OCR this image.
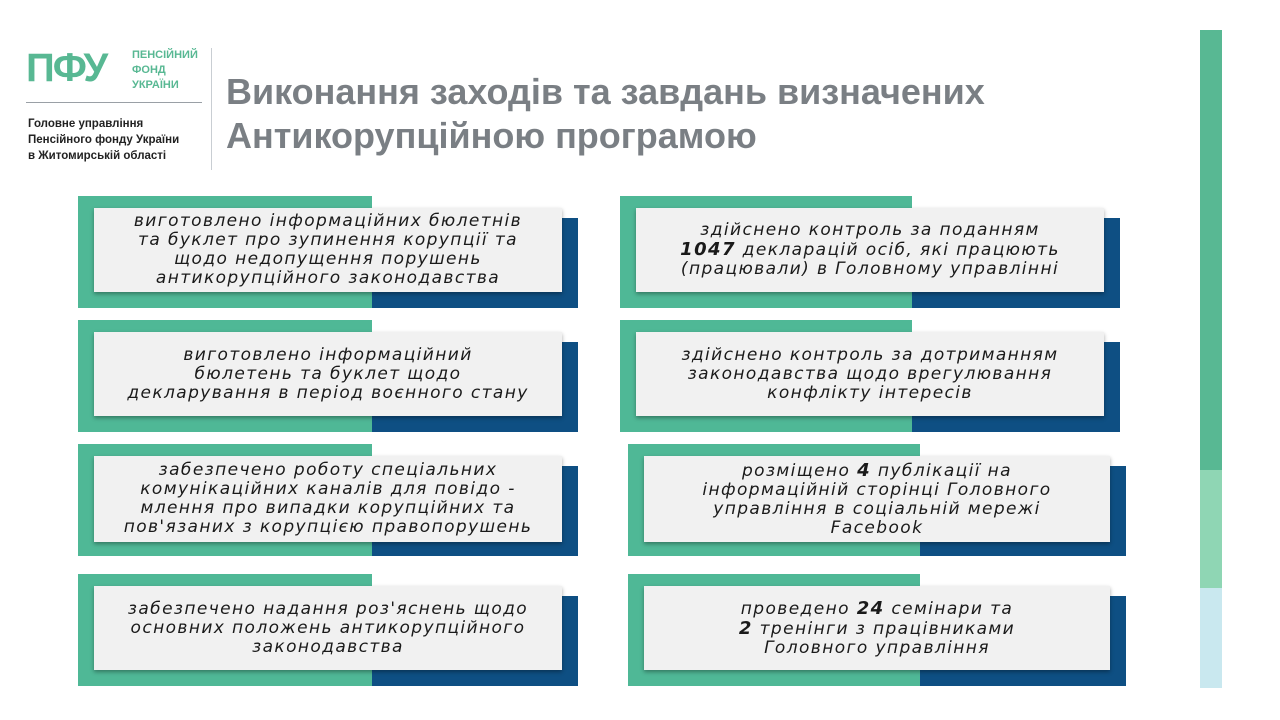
ПФУ ПЕНСІЙНИЙ
ФОНД
УКРАЇНИ
Головне управління
Пенсійного фонду України
в Житомирській області
Виконання заходів та завдань визначених
Антикорупційною програмою
виготовлено інформаційних бюлетнів
та буклет про зупинення корупції та
щодо недопущення порушень
антикорупційного законодавства
виготовлено інформаційний
бюлетень та буклет щодо
декларування в період воєнного стану
забезпечено роботу спеціальних
комунікаційних каналів для повідо -
млення про випадки корупційних та
пов'язаних з корупцією правопорушень
забезпечено надання роз'яснень щодо
основних положень антикорупційного
законодавства
здійснено контроль за поданням
1047 декларацій осіб, які працюють
(працювали) в Головному управлінні
здійснено контроль за дотриманням
законодавства щодо врегулювання
конфлікту інтересів
розміщено 4 публікації на
інформаційній сторінці Головного
управління в соціальній мережі
Facebook
проведено 24 семінари та
2 тренінги з працівниками
Головного управління
